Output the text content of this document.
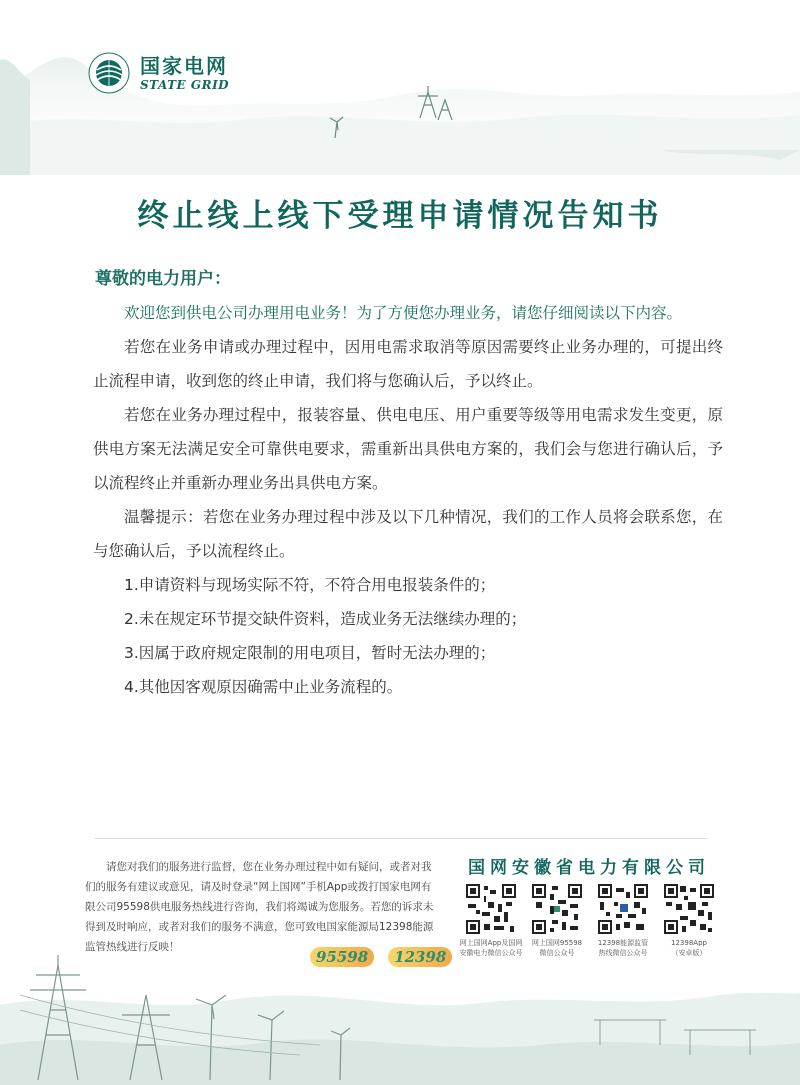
国家电网
STATE GRID
终止线上线下受理申请情况告知书
尊敬的电力用户：

欢迎您到供电公司办理用电业务！为了方便您办理业务，请您仔细阅读以下内容。

若您在业务申请或办理过程中，因用电需求取消等原因需要终止业务办理的，可提出终止流程申请，收到您的终止申请，我们将与您确认后，予以终止。

若您在业务办理过程中，报装容量、供电电压、用户重要等级等用电需求发生变更，原供电方案无法满足安全可靠供电要求，需重新出具供电方案的，我们会与您进行确认后，予以流程终止并重新办理业务出具供电方案。

温馨提示：若您在业务办理过程中涉及以下几种情况，我们的工作人员将会联系您，在与您确认后，予以流程终止。

1.申请资料与现场实际不符，不符合用电报装条件的；

2.未在规定环节提交缺件资料，造成业务无法继续办理的；

3.因属于政府规定限制的用电项目，暂时无法办理的；

4.其他因客观原因确需中止业务流程的。

请您对我们的服务进行监督，您在业务办理过程中如有疑问，或者对我们的服务有建议或意见，请及时登录“网上国网”手机App或拨打国家电网有限公司95598供电服务热线进行咨询，我们将竭诚为您服务。若您的诉求未得到及时响应，或者对我们的服务不满意，您可致电国家能源局12398能源监管热线进行反映！
95598	12398
国网安徽省电力有限公司
网上国网App及国网
安徽电力微信公众号
网上国网95598
微信公众号
12398能源监管
热线微信公众号
12398App
（安卓版）
